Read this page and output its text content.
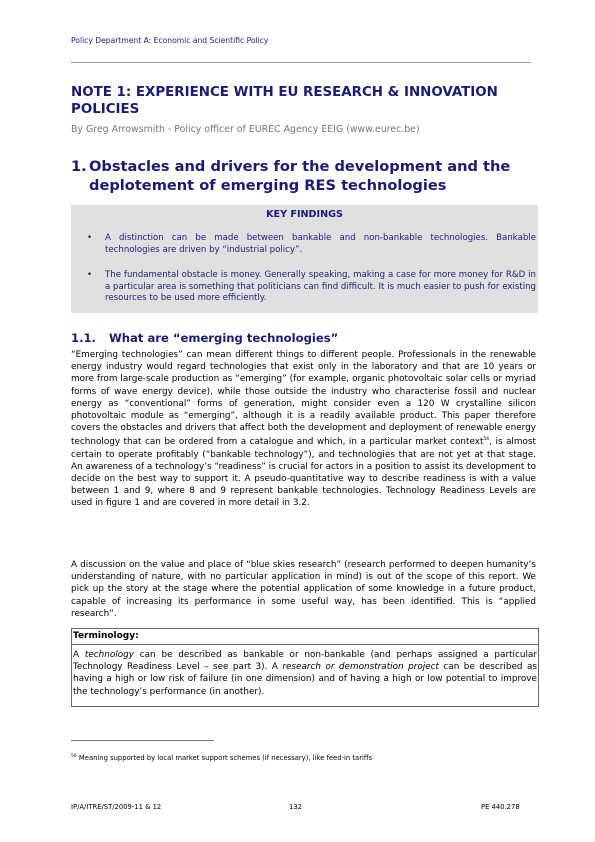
Policy Department A: Economic and Scientific Policy
NOTE 1: EXPERIENCE WITH EU RESEARCH & INNOVATION POLICIES
By Greg Arrowsmith - Policy officer of EUREC Agency EEIG (www.eurec.be)
1. Obstacles and drivers for the development and the deplotement of emerging RES technologies
KEY FINDINGS
•	A distinction can be made between bankable and non-bankable technologies. Bankable technologies are driven by “industrial policy”.
•	The fundamental obstacle is money. Generally speaking, making a case for more money for R&D in a particular area is something that politicians can find difficult. It is much easier to push for existing resources to be used more efficiently.
1.1.	What are “emerging technologies”

“Emerging technologies” can mean different things to different people. Professionals in the renewable energy industry would regard technologies that exist only in the laboratory and that are 10 years or more from large-scale production as “emerging” (for example, organic photovoltaic solar cells or myriad forms of wave energy device), while those outside the industry who characterise fossil and nuclear energy as “conventional” forms of generation, might consider even a 120 W crystalline silicon photovoltaic module as “emerging”, although it is a readily available product. This paper therefore covers the obstacles and drivers that affect both the development and deployment of renewable energy technology that can be ordered from a catalogue and which, in a particular market context$^{56}$, is almost certain to operate profitably (“bankable technology”), and technologies that are not yet at that stage. An awareness of a technology’s “readiness” is crucial for actors in a position to assist its development to decide on the best way to support it. A pseudo-quantitative way to describe readiness is with a value between 1 and 9, where 8 and 9 represent bankable technologies. Technology Readiness Levels are used in figure 1 and are covered in more detail in 3.2.

A discussion on the value and place of “blue skies research” (research performed to deepen humanity’s understanding of nature, with no particular application in mind) is out of the scope of this report. We pick up the story at the stage where the potential application of some knowledge in a future product, capable of increasing its performance in some useful way, has been identified. This is “applied research”.

Terminology:

A technology can be described as bankable or non-bankable (and perhaps assigned a particular Technology Readiness Level – see part 3). A research or demonstration project can be described as having a high or low risk of failure (in one dimension) and of having a high or low potential to improve the technology’s performance (in another).

$^{56}$ Meaning supported by local market support schemes (if necessary), like feed-in tariffs
IP/A/ITRE/ST/2009-11 & 12	132	PE 440.278
